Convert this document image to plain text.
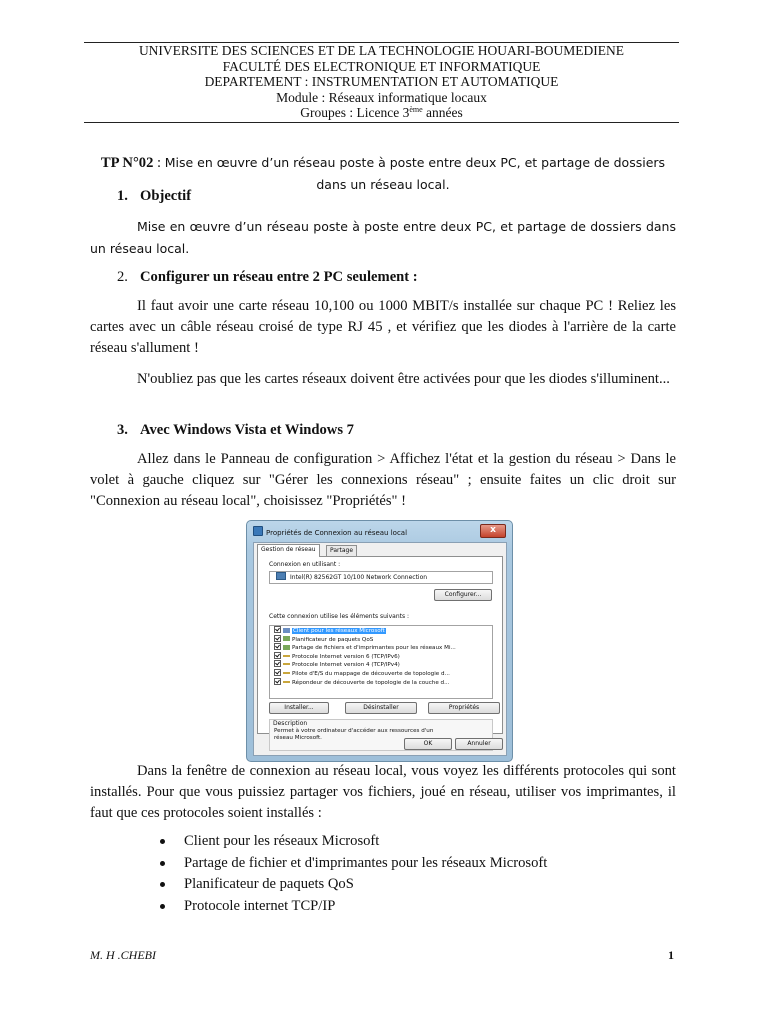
UNIVERSITE DES SCIENCES ET DE LA TECHNOLOGIE HOUARI-BOUMEDIENE
FACULTÉ DES ELECTRONIQUE ET INFORMATIQUE
DEPARTEMENT : INSTRUMENTATION ET AUTOMATIQUE
Module : Réseaux informatique locaux
Groupes : Licence 3ème années
TP N°02 : Mise en œuvre d’un réseau poste à poste entre deux PC, et partage de dossiers dans un réseau local.
1. Objectif
Mise en œuvre d’un réseau poste à poste entre deux PC, et partage de dossiers dans un réseau local.
2. Configurer un réseau entre 2 PC seulement :
Il faut avoir une carte réseau 10,100 ou 1000 MBIT/s installée sur chaque PC ! Reliez les cartes avec un câble réseau croisé de type RJ 45 , et vérifiez que les diodes à l'arrière de la carte réseau s'allument !
N'oubliez pas que les cartes réseaux doivent être activées pour que les diodes s'illuminent...
3. Avec Windows Vista et Windows 7
Allez dans le Panneau de configuration > Affichez l'état et la gestion du réseau > Dans le volet à gauche cliquez sur "Gérer les connexions réseau" ; ensuite faites un clic droit sur "Connexion au réseau local", choisissez "Propriétés" !
Propriétés de Connexion au réseau local	x
Gestion de réseau	Partage
Connexion en utilisant :
Intel(R) 82562GT 10/100 Network Connection
Configurer...
Cette connexion utilise les éléments suivants :
Client pour les réseaux Microsoft
Planificateur de paquets QoS
Partage de fichiers et d'imprimantes pour les réseaux Mi...
Protocole Internet version 6 (TCP/IPv6)
Protocole Internet version 4 (TCP/IPv4)
Pilote d'E/S du mappage de découverte de topologie d...
Répondeur de découverte de topologie de la couche d...
Installer...	Désinstaller	Propriétés
Description
Permet à votre ordinateur d'accéder aux ressources d'un réseau Microsoft.
OK	Annuler
Dans la fenêtre de connexion au réseau local, vous voyez les différents protocoles qui sont installés. Pour que vous puissiez partager vos fichiers, joué en réseau, utiliser vos imprimantes, il faut que ces protocoles soient installés :
Client pour les réseaux Microsoft
Partage de fichier et d'imprimantes pour les réseaux Microsoft
Planificateur de paquets QoS
Protocole internet TCP/IP
M. H .CHEBI	1
